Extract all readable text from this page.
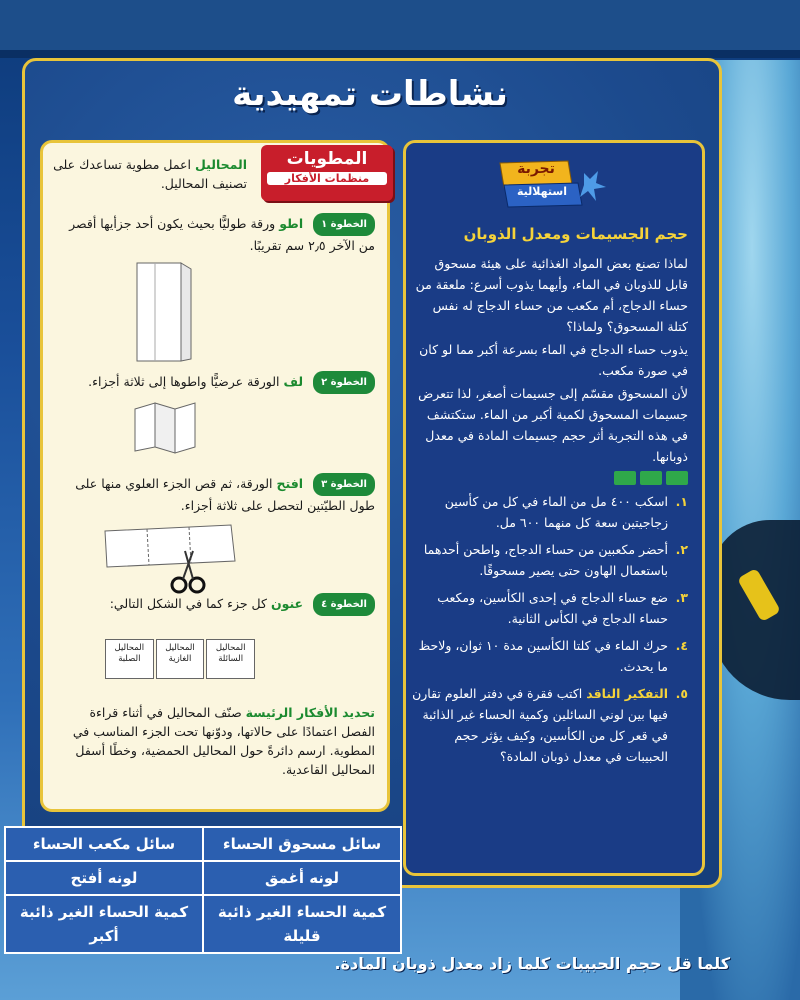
نشاطات تمهيدية
المطويات
منظمات الأفكار
المحاليل اعمل مطوية تساعدك على تصنيف المحاليل.
الخطوة ١ اطو ورقة طوليًّا بحيث يكون أحد جزأيها أقصر من الآخر ٢٫٥ سم تقريبًا.
الخطوة ٢ لف الورقة عرضيًّا واطوها إلى ثلاثة أجزاء.
الخطوة ٣ افتح الورقة، ثم قص الجزء العلوي منها على طول الطيّتين لتحصل على ثلاثة أجزاء.
الخطوة ٤ عنون كل جزء كما في الشكل التالي:
المحاليل السائلة
المحاليل الغازية
المحاليل الصلبة
تحديد الأفكار الرئيسة صنّف المحاليل في أثناء قراءة الفصل اعتمادًا على حالاتها، ودوّنها تحت الجزء المناسب في المطوية. ارسم دائرةً حول المحاليل الحمضية، وخطًا أسفل المحاليل القاعدية.
تجربة
استهلالية
حجم الجسيمات ومعدل الذوبان

لماذا تصنع بعض المواد الغذائية على هيئة مسحوق قابل للذوبان في الماء، وأيهما يذوب أسرع: ملعقة من حساء الدجاج، أم مكعب من حساء الدجاج له نفس كتلة المسحوق؟ ولماذا؟

يذوب حساء الدجاج في الماء بسرعة أكبر مما لو كان في صورة مكعب.

لأن المسحوق مقسّم إلى جسيمات أصغر، لذا تتعرض جسيمات المسحوق لكمية أكبر من الماء. ستكتشف في هذه التجربة أثر حجم جسيمات المادة في معدل ذوبانها.

١.
اسكب ٤٠٠ مل من الماء في كل من كأسين زجاجيتين سعة كل منهما ٦٠٠ مل.
٢.
أحضر مكعبين من حساء الدجاج، واطحن أحدهما باستعمال الهاون حتى يصير مسحوقًا.
٣.
ضع حساء الدجاج في إحدى الكأسين، ومكعب حساء الدجاج في الكأس الثانية.
٤.
حرك الماء في كلتا الكأسين مدة ١٠ ثوان، ولاحظ ما يحدث.
٥.
التفكير الناقد اكتب فقرة في دفتر العلوم تقارن فيها بين لوني السائلين وكمية الحساء غير الذائبة في قعر كل من الكأسين، وكيف يؤثر حجم الحبيبات في معدل ذوبان المادة؟
سائل مسحوق الحساء	سائل مكعب الحساء
لونه أغمق	لونه أفتح
كمية الحساء الغير ذائبة قليلة	كمية الحساء الغير ذائبة أكبر
كلما قل حجم الحبيبات كلما زاد معدل ذوبان المادة.
